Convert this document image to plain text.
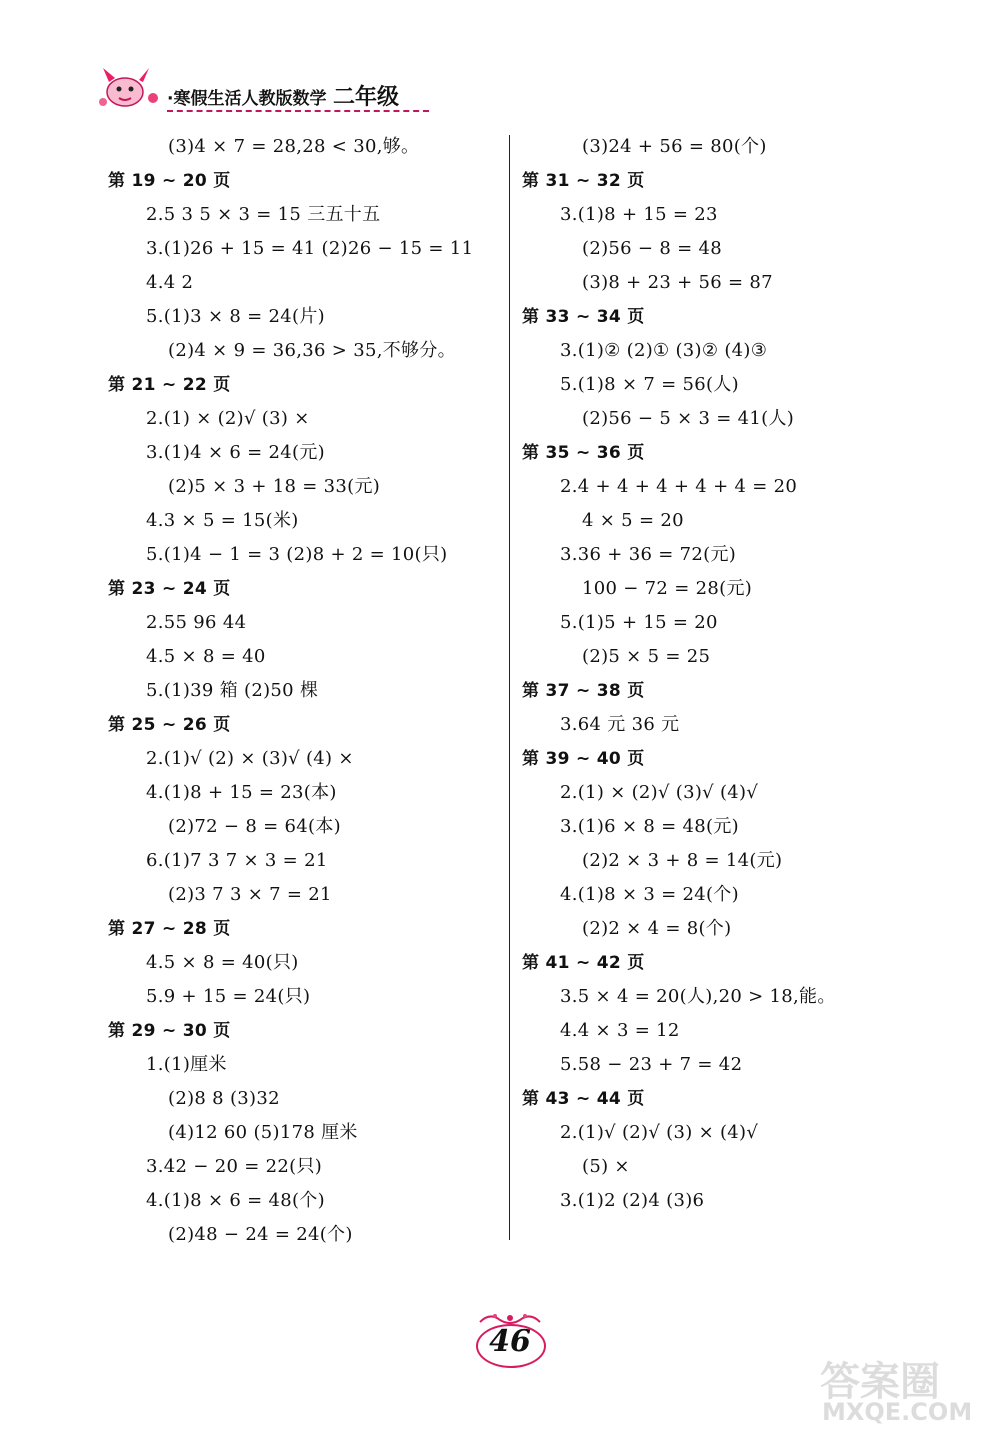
·寒假生活人教版数学 二年级
(3)4 × 7 = 28,28 < 30,够。
第 19 ~ 20 页
2.5 3 5 × 3 = 15 三五十五
3.(1)26 + 15 = 41 (2)26 − 15 = 11
4.4 2
5.(1)3 × 8 = 24(片)
(2)4 × 9 = 36,36 > 35,不够分。
第 21 ~ 22 页
2.(1) × (2)√ (3) ×
3.(1)4 × 6 = 24(元)
(2)5 × 3 + 18 = 33(元)
4.3 × 5 = 15(米)
5.(1)4 − 1 = 3 (2)8 + 2 = 10(只)
第 23 ~ 24 页
2.55 96 44
4.5 × 8 = 40
5.(1)39 箱 (2)50 棵
第 25 ~ 26 页
2.(1)√ (2) × (3)√ (4) ×
4.(1)8 + 15 = 23(本)
(2)72 − 8 = 64(本)
6.(1)7 3 7 × 3 = 21
(2)3 7 3 × 7 = 21
第 27 ~ 28 页
4.5 × 8 = 40(只)
5.9 + 15 = 24(只)
第 29 ~ 30 页
1.(1)厘米
(2)8 8 (3)32
(4)12 60 (5)178 厘米
3.42 − 20 = 22(只)
4.(1)8 × 6 = 48(个)
(2)48 − 24 = 24(个)
(3)24 + 56 = 80(个)
第 31 ~ 32 页
3.(1)8 + 15 = 23
(2)56 − 8 = 48
(3)8 + 23 + 56 = 87
第 33 ~ 34 页
3.(1)② (2)① (3)② (4)③
5.(1)8 × 7 = 56(人)
(2)56 − 5 × 3 = 41(人)
第 35 ~ 36 页
2.4 + 4 + 4 + 4 + 4 = 20
4 × 5 = 20
3.36 + 36 = 72(元)
100 − 72 = 28(元)
5.(1)5 + 15 = 20
(2)5 × 5 = 25
第 37 ~ 38 页
3.64 元 36 元
第 39 ~ 40 页
2.(1) × (2)√ (3)√ (4)√
3.(1)6 × 8 = 48(元)
(2)2 × 3 + 8 = 14(元)
4.(1)8 × 3 = 24(个)
(2)2 × 4 = 8(个)
第 41 ~ 42 页
3.5 × 4 = 20(人),20 > 18,能。
4.4 × 3 = 12
5.58 − 23 + 7 = 42
第 43 ~ 44 页
2.(1)√ (2)√ (3) × (4)√
(5) ×
3.(1)2 (2)4 (3)6
46
答案圈
MXQE.COM
